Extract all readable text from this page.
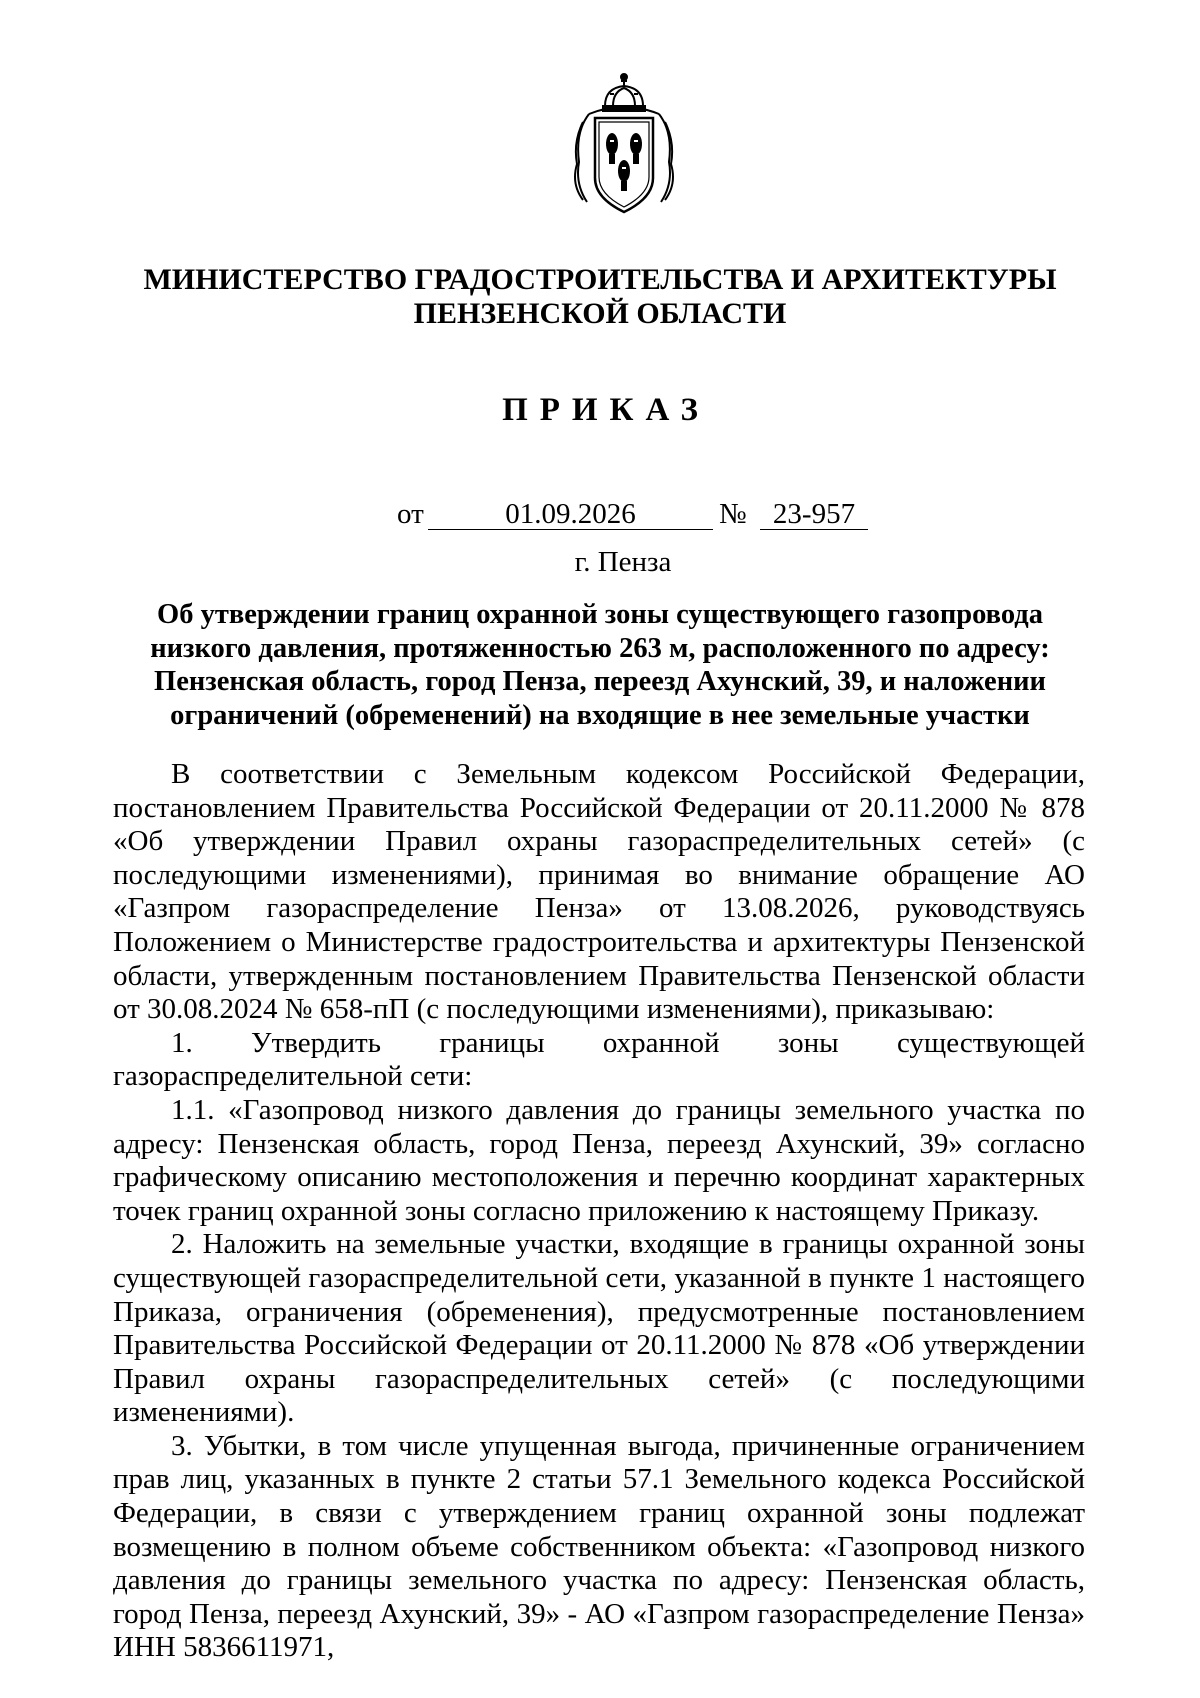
МИНИСТЕРСТВО ГРАДОСТРОИТЕЛЬСТВА И АРХИТЕКТУРЫ
ПЕНЗЕНСКОЙ ОБЛАСТИ
ПРИКАЗ
от	01.09.2026	№ 23-957
г. Пенза
Об утверждении границ охранной зоны существующего газопровода низкого давления, протяженностью 263 м, расположенного по адресу: Пензенская область, город Пенза, переезд Ахунский, 39, и наложении ограничений (обременений) на входящие в нее земельные участки

В соответствии с Земельным кодексом Российской Федерации, постановлением Правительства Российской Федерации от 20.11.2000 № 878 «Об утверждении Правил охраны газораспределительных сетей» (с последующими изменениями), принимая во внимание обращение АО «Газпром газораспределение Пенза» от 13.08.2026, руководствуясь Положением о Министерстве градостроительства и архитектуры Пензенской области, утвержденным постановлением Правительства Пензенской области от 30.08.2024 № 658-пП (с последующими изменениями), приказываю:

1. Утвердить границы охранной зоны существующей газораспределительной сети:

1.1. «Газопровод низкого давления до границы земельного участка по адресу: Пензенская область, город Пенза, переезд Ахунский, 39» согласно графическому описанию местоположения и перечню координат характерных точек границ охранной зоны согласно приложению к настоящему Приказу.

2. Наложить на земельные участки, входящие в границы охранной зоны существующей газораспределительной сети, указанной в пункте 1 настоящего Приказа, ограничения (обременения), предусмотренные постановлением Правительства Российской Федерации от 20.11.2000 № 878 «Об утверждении Правил охраны газораспределительных сетей» (с последующими изменениями).

3. Убытки, в том числе упущенная выгода, причиненные ограничением прав лиц, указанных в пункте 2 статьи 57.1 Земельного кодекса Российской Федерации, в связи с утверждением границ охранной зоны подлежат возмещению в полном объеме собственником объекта: «Газопровод низкого давления до границы земельного участка по адресу: Пензенская область, город Пенза, переезд Ахунский, 39» - АО «Газпром газораспределение Пенза» ИНН 5836611971,
